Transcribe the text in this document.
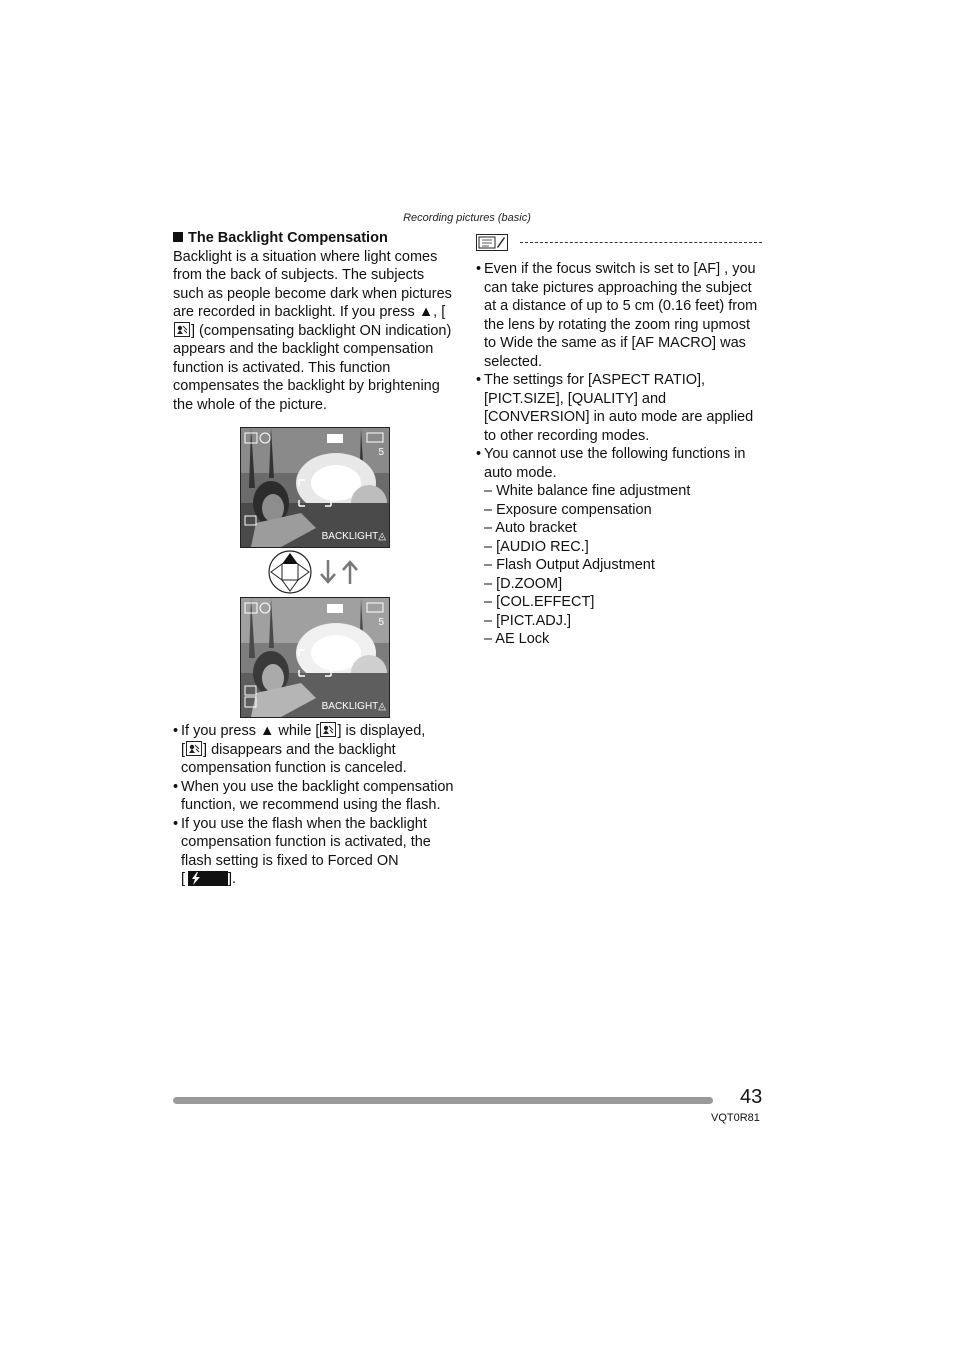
Recording pictures (basic)
The Backlight Compensation

Backlight is a situation where light comes from the back of subjects. The subjects such as people become dark when pictures are recorded in backlight. If you press ▲, [
] (compensating backlight ON indication) appears and the backlight compensation function is activated. This function compensates the backlight by brightening the whole of the picture.

5
BACKLIGHT◬
5
BACKLIGHT◬
• If you press ▲ while [ ] is displayed,
[ ] disappears and the backlight compensation function is canceled.
• When you use the backlight compensation function, we recommend using the flash.
• If you use the flash when the backlight compensation function is activated, the flash setting is fixed to Forced ON
[	].
• Even if the focus switch is set to [AF] , you can take pictures approaching the subject at a distance of up to 5 cm (0.16 feet) from the lens by rotating the zoom ring upmost to Wide the same as if [AF MACRO] was selected.
• The settings for [ASPECT RATIO], [PICT.SIZE], [QUALITY] and [CONVERSION] in auto mode are applied to other recording modes.
• You cannot use the following functions in auto mode.
– White balance fine adjustment
– Exposure compensation
– Auto bracket
– [AUDIO REC.]
– Flash Output Adjustment
– [D.ZOOM]
– [COL.EFFECT]
– [PICT.ADJ.]
– AE Lock
43
VQT0R81
